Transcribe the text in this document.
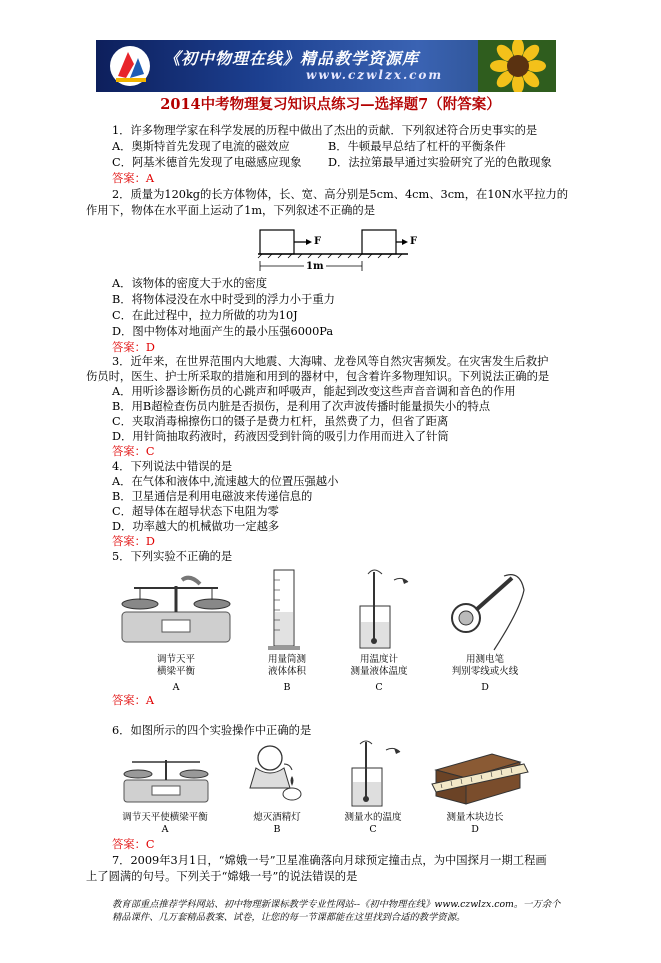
《初中物理在线》精品教学资源库
www.czwlzx.com
2014中考物理复习知识点练习—选择题7（附答案）
1．许多物理学家在科学发展的历程中做出了杰出的贡献．下列叙述符合历史事实的是
A．奥斯特首先发现了电流的磁效应	B．牛顿最早总结了杠杆的平衡条件
C．阿基米德首先发现了电磁感应现象 D．法拉第最早通过实验研究了光的色散现象
答案：A
2．质量为120kg的长方体物体，长、宽、高分别是5cm、4cm、3cm，在10N水平拉力的
作用下，物体在水平面上运动了1m，下列叙述不正确的是
F	F
1m
A．该物体的密度大于水的密度
B．将物体浸没在水中时受到的浮力小于重力
C．在此过程中，拉力所做的功为10J
D．图中物体对地面产生的最小压强6000Pa
答案：D
3．近年来，在世界范围内大地震、大海啸、龙卷风等自然灾害频发。在灾害发生后救护
伤员时，医生、护士所采取的措施和用到的器材中，包含着许多物理知识。下列说法正确的是
A．用听诊器诊断伤员的心跳声和呼吸声，能起到改变这些声音音调和音色的作用
B．用B超检查伤员内脏是否损伤，是利用了次声波传播时能量损失小的特点
C．夹取消毒棉擦伤口的镊子是费力杠杆，虽然费了力，但省了距离
D．用针筒抽取药液时，药液因受到针筒的吸引力作用而进入了针筒
答案：C
4．下列说法中错误的是
A．在气体和液体中,流速越大的位置压强越小
B．卫星通信是利用电磁波来传递信息的
C．超导体在超导状态下电阻为零
D．功率越大的机械做功一定越多
答案：D
5．下列实验不正确的是
调节天平
横梁平衡
A
用量筒测
液体体积
B
用温度计
测量液体温度
C
用测电笔
判别零线或火线
D
答案：A
6．如图所示的四个实验操作中正确的是
调节天平使横梁平衡
A
熄灭酒精灯
B
测量水的温度
C
测量木块边长
D
答案：C
7．2009年3月1日，“嫦娥一号”卫星准确落向月球预定撞击点，为中国探月一期工程画
上了圆满的句号。下列关于“嫦娥一号”的说法错误的是
教育部重点推荐学科网站、初中物理新课标教学专业性网站--《初中物理在线》www.czwlzx.com。一万余个
精品课件、几万套精品教案、试卷，让您的每一节课都能在这里找到合适的教学资源。
